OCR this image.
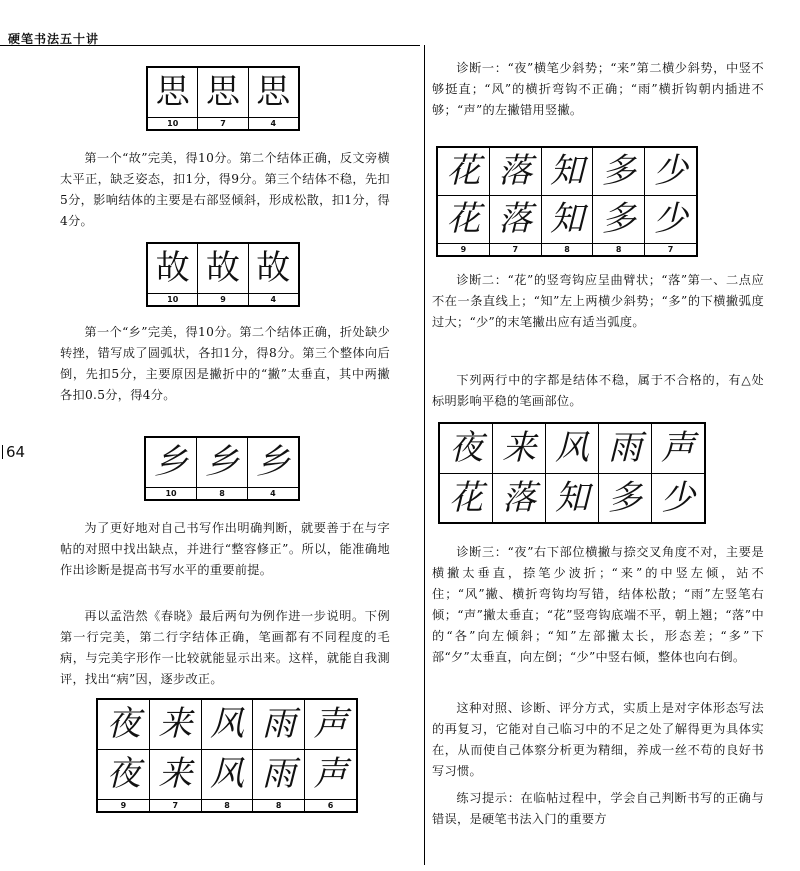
硬笔书法五十讲
64
思	思	思
10	7	4

第一个“故”完美，得10分。第二个结体正确，反文旁横太平正，缺乏姿态，扣1分，得9分。第三个结体不稳，先扣5分，影响结体的主要是右部竖倾斜，形成松散，扣1分，得4分。

故	故	故
10	9	4

第一个“乡”完美，得10分。第二个结体正确，折处缺少转挫，错写成了圆弧状，各扣1分，得8分。第三个整体向后倒，先扣5分，主要原因是撇折中的“撇”太垂直，其中两撇各扣0.5分，得4分。

乡	乡	乡
10	8	4

为了更好地对自己书写作出明确判断，就要善于在与字帖的对照中找出缺点，并进行“整容修正”。所以，能准确地作出诊断是提高书写水平的重要前提。

再以孟浩然《春晓》最后两句为例作进一步说明。下例第一行完美，第二行字结体正确，笔画都有不同程度的毛病，与完美字形作一比较就能显示出来。这样，就能自我測评，找出“病”因，逐步改正。

夜	来	风	雨	声
夜	来	风	雨	声
9	7	8	8	6

诊断一：“夜”横笔少斜势；“来”第二横少斜势，中竖不够挺直；“风”的横折弯钩不正确；“雨”横折钩朝内插进不够；“声”的左撇错用竖撇。

花	落	知	多	少
花	落	知	多	少
9	7	8	8	7

诊断二：“花”的竖弯钩应呈曲臂状；“落”第一、二点应不在一条直线上；“知”左上两横少斜势；“多”的下横撇弧度过大；“少”的末笔撇出应有适当弧度。

下列两行中的字都是结体不稳，属于不合格的，有△处标明影响平稳的笔画部位。

夜	来	风	雨	声
花	落	知	多	少

诊断三：“夜”右下部位横撇与捺交叉角度不对，主要是横撇太垂直，捺笔少波折；“来”的中竖左倾，站不住；“风”撇、横折弯钩均写错，结体松散；“雨”左竖笔右倾；“声”撇太垂直；“花”竖弯钩底端不平，朝上翘；“落”中的“各”向左倾斜；“知”左部撇太长，形态差；“多”下部“夕”太垂直，向左倒；“少”中竖右倾，整体也向右倒。

这种对照、诊断、评分方式，实质上是对字体形态写法的再复习，它能对自己临习中的不足之处了解得更为具体实在，从而使自己体察分析更为精细，养成一丝不苟的良好书写习惯。

练习提示：在临帖过程中，学会自己判断书写的正确与错误，是硬笔书法入门的重要方
